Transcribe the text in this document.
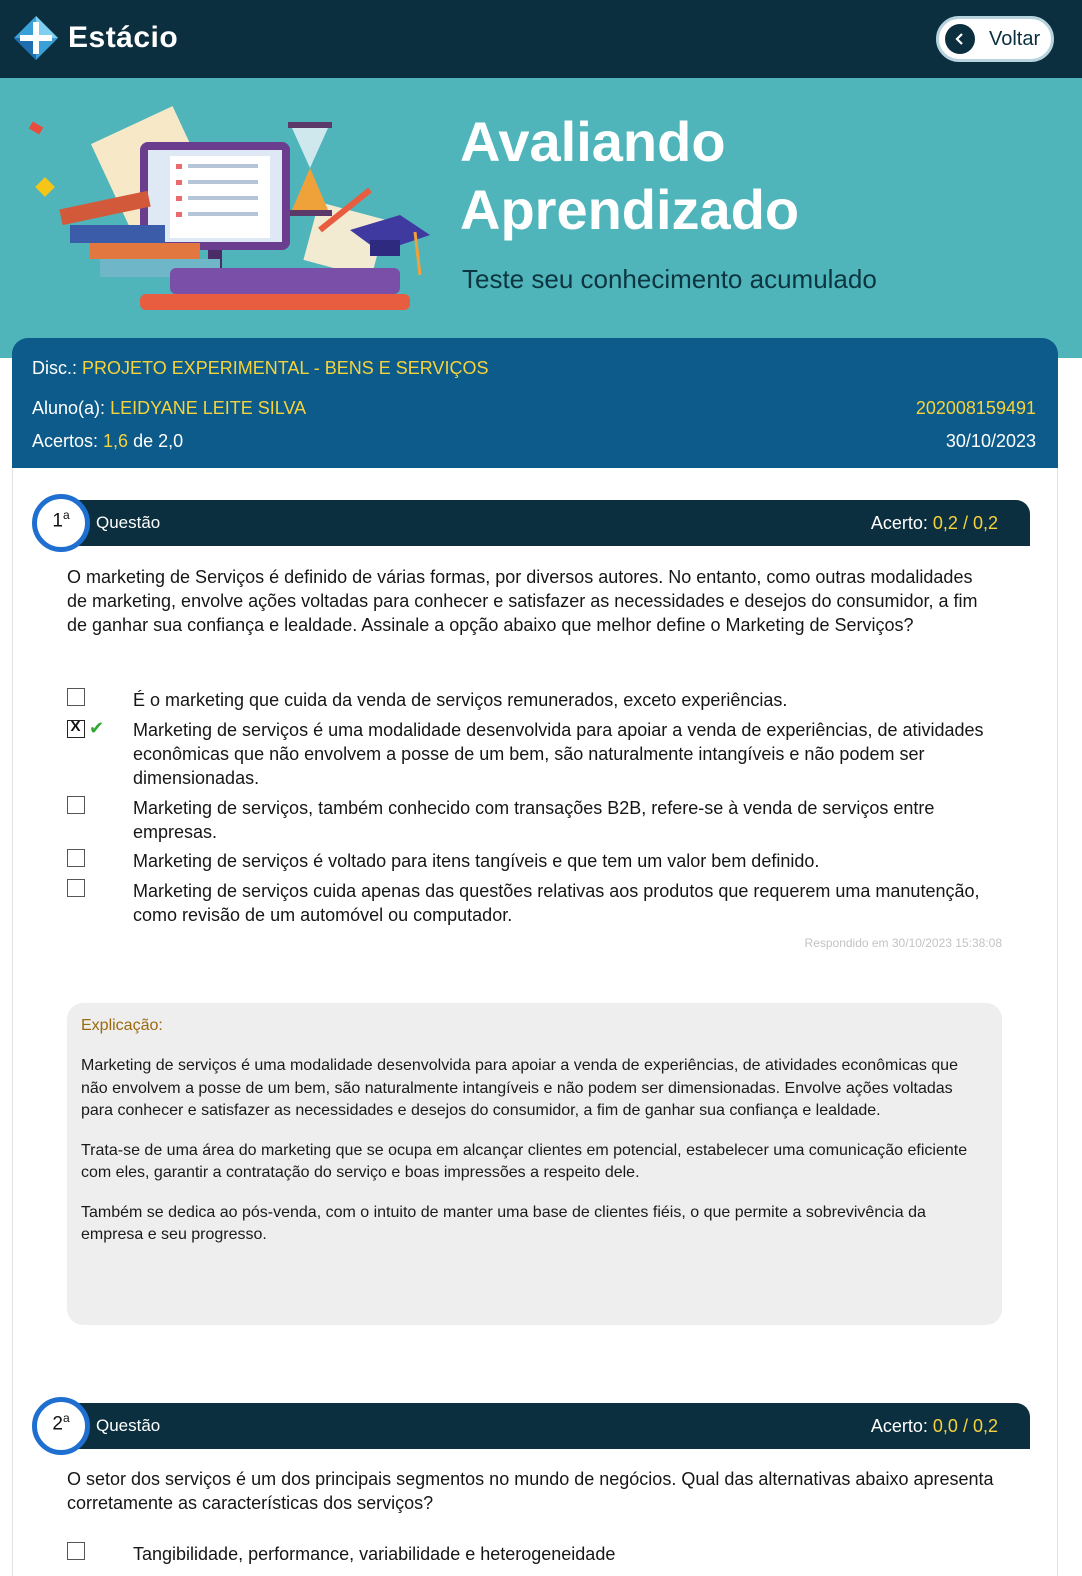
Estácio	Voltar
Avaliando
Aprendizado
Teste seu conhecimento acumulado
Disc.: PROJETO EXPERIMENTAL - BENS E SERVIÇOS
Aluno(a): LEIDYANE LEITE SILVA	202008159491
Acertos: 1,6 de 2,0	30/10/2023
Questão	Acerto: 0,2 / 0,2
1$^a$
O marketing de Serviços é definido de várias formas, por diversos autores. No entanto, como outras modalidades de marketing, envolve ações voltadas para conhecer e satisfazer as necessidades e desejos do consumidor, a fim de ganhar sua confiança e lealdade. Assinale a opção abaixo que melhor define o Marketing de Serviços?
É o marketing que cuida da venda de serviços remunerados, exceto experiências.
X ✔ Marketing de serviços é uma modalidade desenvolvida para apoiar a venda de experiências, de atividades econômicas que não envolvem a posse de um bem, são naturalmente intangíveis e não podem ser dimensionadas.
Marketing de serviços, também conhecido com transações B2B, refere-se à venda de serviços entre empresas.
Marketing de serviços é voltado para itens tangíveis e que tem um valor bem definido.
Marketing de serviços cuida apenas das questões relativas aos produtos que requerem uma manutenção, como revisão de um automóvel ou computador.
Respondido em 30/10/2023 15:38:08
Explicação:

Marketing de serviços é uma modalidade desenvolvida para apoiar a venda de experiências, de atividades econômicas que não envolvem a posse de um bem, são naturalmente intangíveis e não podem ser dimensionadas. Envolve ações voltadas para conhecer e satisfazer as necessidades e desejos do consumidor, a fim de ganhar sua confiança e lealdade.

Trata-se de uma área do marketing que se ocupa em alcançar clientes em potencial, estabelecer uma comunicação eficiente com eles, garantir a contratação do serviço e boas impressões a respeito dele.

Também se dedica ao pós-venda, com o intuito de manter uma base de clientes fiéis, o que permite a sobrevivência da empresa e seu progresso.

Questão	Acerto: 0,0 / 0,2
2$^a$
O setor dos serviços é um dos principais segmentos no mundo de negócios. Qual das alternativas abaixo apresenta corretamente as características dos serviços?
Tangibilidade, performance, variabilidade e heterogeneidade
